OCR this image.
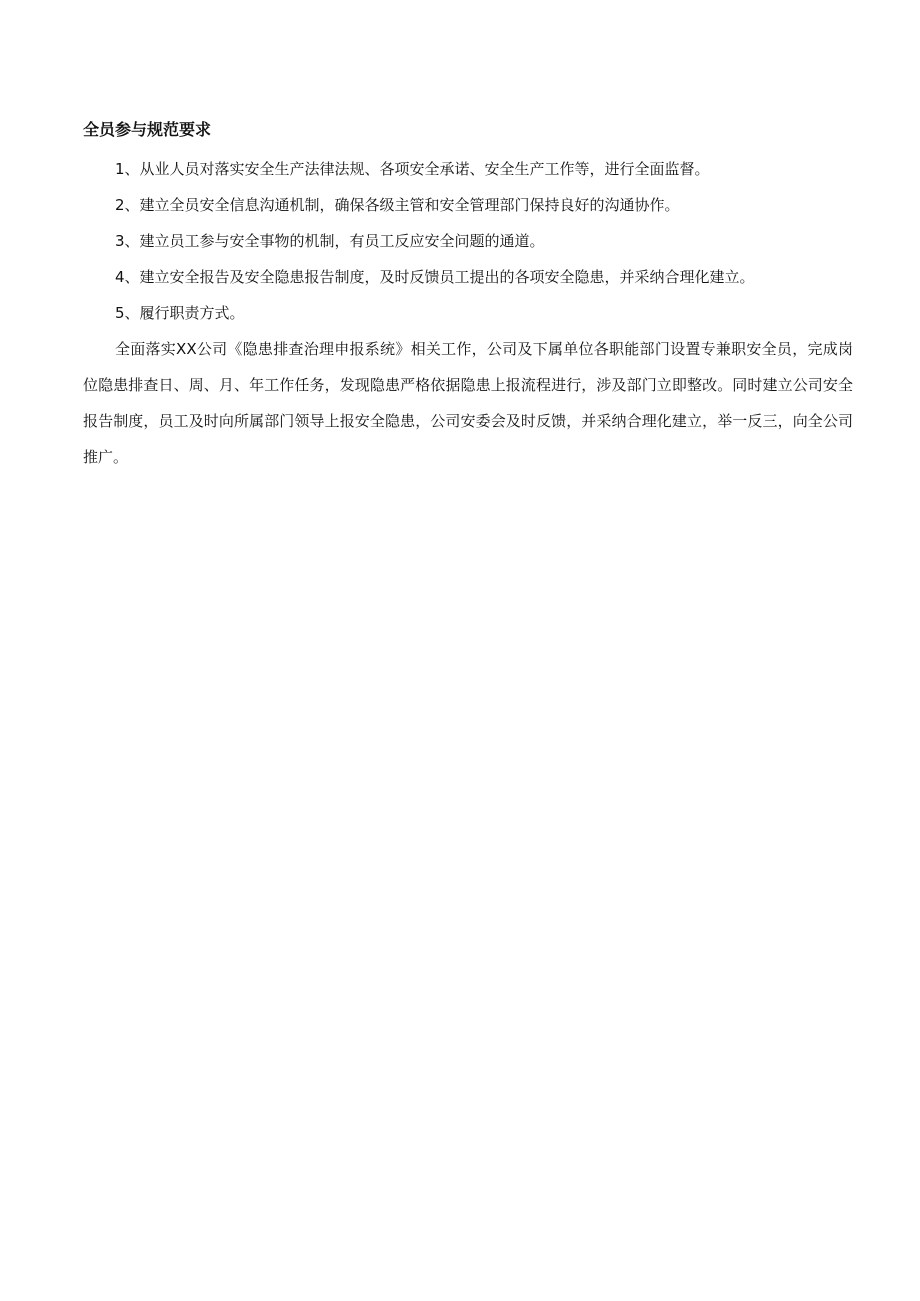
全员参与规范要求

1、从业人员对落实安全生产法律法规、各项安全承诺、安全生产工作等，进行全面监督。

2、建立全员安全信息沟通机制，确保各级主管和安全管理部门保持良好的沟通协作。

3、建立员工参与安全事物的机制，有员工反应安全问题的通道。

4、建立安全报告及安全隐患报告制度，及时反馈员工提出的各项安全隐患，并采纳合理化建立。

5、履行职责方式。

全面落实XX公司《隐患排查治理申报系统》相关工作，公司及下属单位各职能部门设置专兼职安全员，完成岗位隐患排查日、周、月、年工作任务，发现隐患严格依据隐患上报流程进行，涉及部门立即整改。同时建立公司安全报告制度，员工及时向所属部门领导上报安全隐患，公司安委会及时反馈，并采纳合理化建立，举一反三，向全公司推广。
